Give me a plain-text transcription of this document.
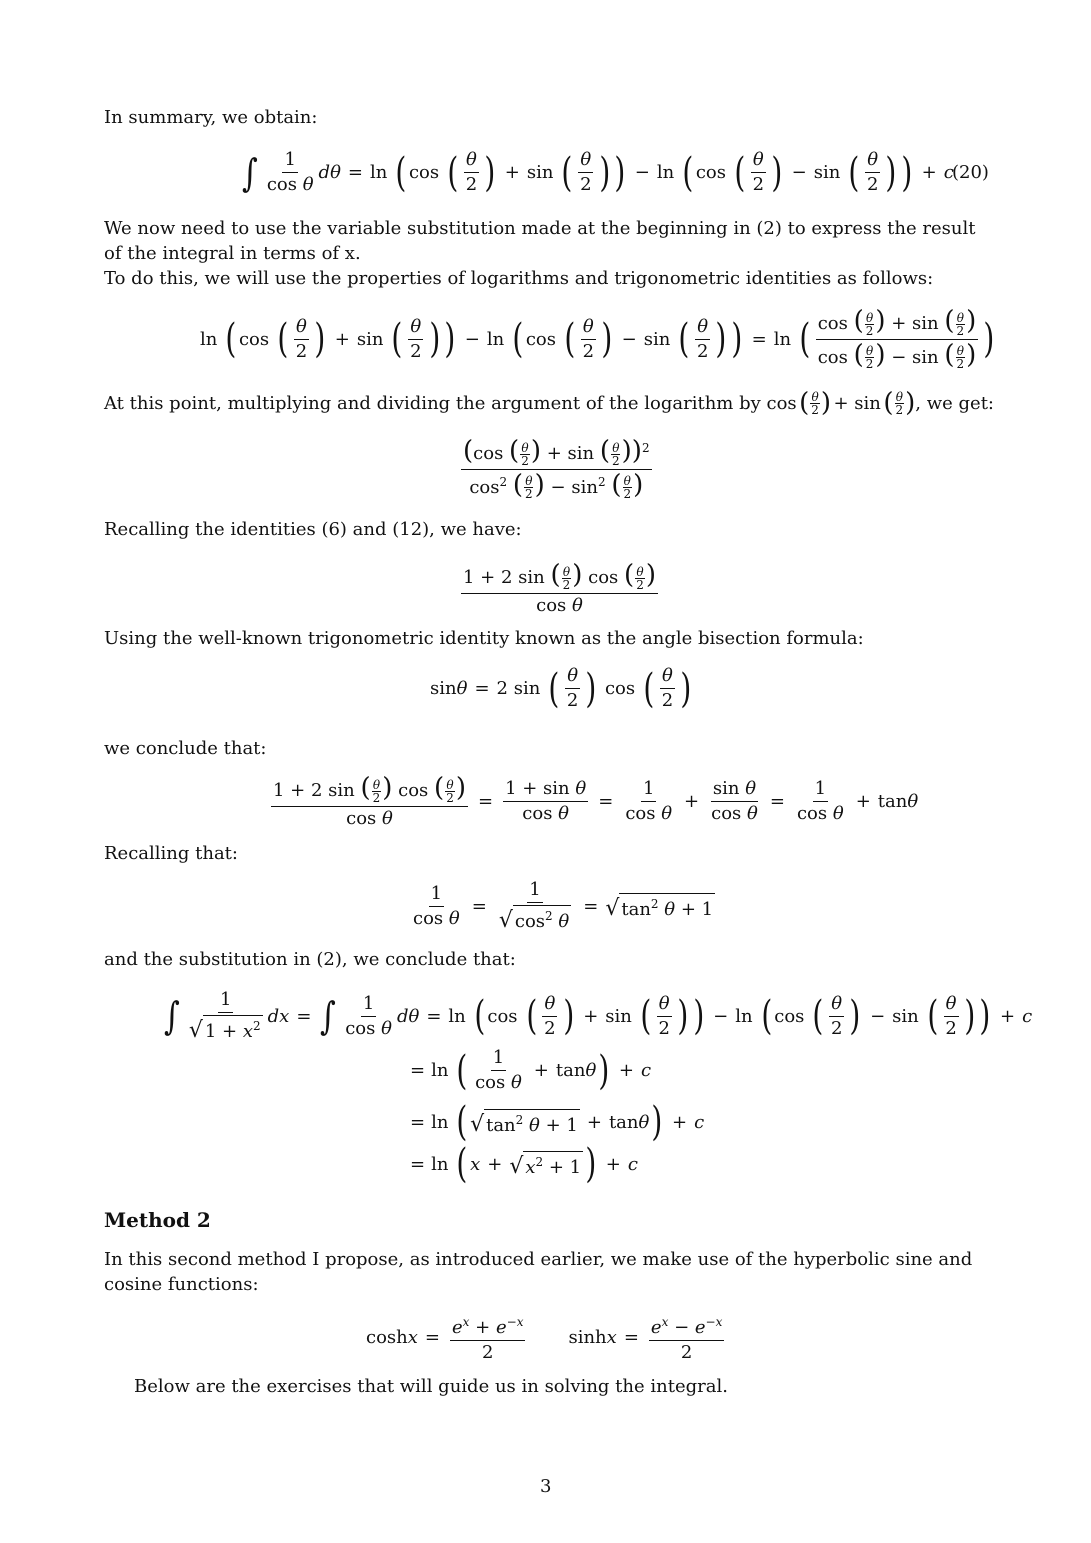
In summary, we obtain:

∫ $\frac{1}{\text{cos θ}}$ dθ = ln ( cos ( $\frac{\theta}{2}$ ) + sin ( $\frac{\theta}{2}$ ) ) − ln ( cos ( $\frac{\theta}{2}$ ) − sin ( $\frac{\theta}{2}$ ) ) + c
(20)

We now need to use the variable substitution made at the beginning in (2) to express the result of the integral in terms of x.

To do this, we will use the properties of logarithms and trigonometric identities as follows:

ln ( cos ( $\frac{\theta}{2}$ ) + sin ( $\frac{\theta}{2}$ ) ) − ln ( cos ( $\frac{\theta}{2}$ ) − sin ( $\frac{\theta}{2}$ ) ) = ln ( $\frac{\cos ( \frac{\theta}{2} ) + \sin ( \frac{\theta}{2} )}{\cos ( \frac{\theta}{2} ) - \sin ( \frac{\theta}{2} )}$ )
At this point, multiplying and dividing the argument of the logarithm by cos ( $\frac{\theta}{2}$ ) + sin ( $\frac{\theta}{2}$ ) , we get:
$\frac{(\cos ( \frac{\theta}{2} ) + \sin ( \frac{\theta}{2} ))^2}{\cos^2 ( \frac{\theta}{2} ) - \sin^2 ( \frac{\theta}{2} )}$

Recalling the identities (6) and (12), we have:

$\frac{1 + 2 \sin ( \frac{\theta}{2} ) \cos ( \frac{\theta}{2} )}{\text{cos θ}}$

Using the well-known trigonometric identity known as the angle bisection formula:

sin θ = 2 sin ( $\frac{\theta}{2}$ ) cos ( $\frac{\theta}{2}$ )

we conclude that:

$\frac{1 + 2 \sin ( \frac{\theta}{2} ) \cos ( \frac{\theta}{2} )}{\text{cos θ}} = \frac{\text{1 + sin θ}}{\text{cos θ}} = \frac{1}{\text{cos θ}} + \frac{\text{sin θ}}{\text{cos θ}} = \frac{1}{\text{cos θ}} + \tan \theta$

Recalling that:

$\frac{1}{\text{cos θ}} = \frac{1}{√ \cos^2 \theta}$ = √ $\tan^2 \theta + 1$

and the substitution in (2), we conclude that:

∫ $\frac{1}{√ 1 + x^2}$ dx = ∫ $\frac{1}{\text{cos θ}}$ dθ = ln ( cos ( $\frac{\theta}{2}$ ) + sin ( $\frac{\theta}{2}$ ) ) − ln ( cos ( $\frac{\theta}{2}$ ) − sin ( $\frac{\theta}{2}$ ) ) + c
= ln ( $\frac{1}{\text{cos θ}} + \tan \theta$ ) + c
= ln ( √ $\tan^2 \theta + 1 + \tan \theta$ ) + c
= ln ( x + √ $x^2 + 1$ ) + c
Method 2

In this second method I propose, as introduced earlier, we make use of the hyperbolic sine and cosine functions:

$\cosh x = \frac{e^x + e^{-x}}{2}$ $\sinh x = \frac{e^x - e^{-x}}{2}$

Below are the exercises that will guide us in solving the integral.

3
